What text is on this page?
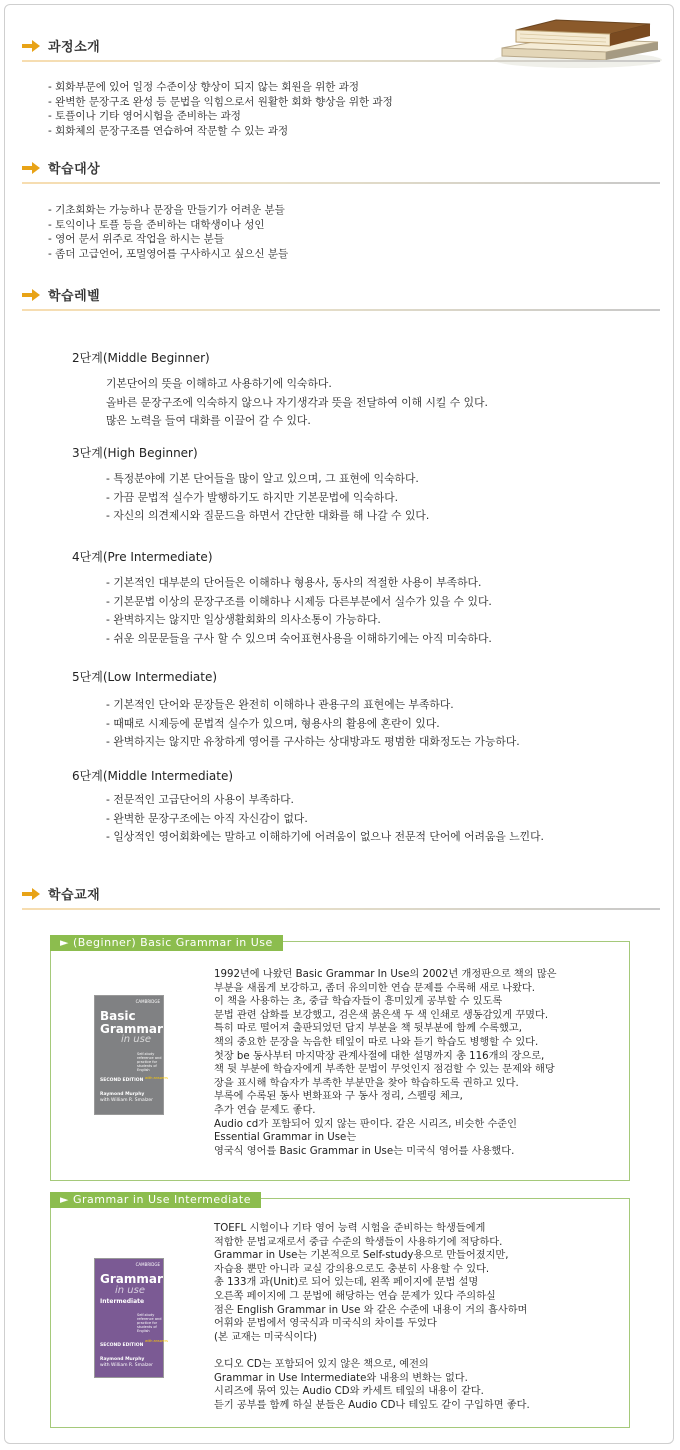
과정소개
- 회화부문에 있어 일정 수준이상 향상이 되지 않는 회원을 위한 과정
- 완벽한 문장구조 완성 등 문법을 익힘으로서 원활한 회화 향상을 위한 과정
- 토플이나 기타 영어시험을 준비하는 과정
- 회화체의 문장구조를 연습하여 작문할 수 있는 과정
학습대상
- 기초회화는 가능하나 문장을 만들기가 어려운 분들
- 토익이나 토플 등을 준비하는 대학생이나 성인
- 영어 문서 위주로 작업을 하시는 분들
- 좀더 고급언어, 포멀영어를 구사하시고 싶으신 분들
학습레벨
2단계(Middle Beginner)
기본단어의 뜻을 이해하고 사용하기에 익숙하다.
올바른 문장구조에 익숙하지 않으나 자기생각과 뜻을 전달하여 이해 시킬 수 있다.
많은 노력을 들여 대화를 이끌어 갈 수 있다.
3단계(High Beginner)
- 특정분야에 기본 단어들을 많이 알고 있으며, 그 표현에 익숙하다.
- 가끔 문법적 실수가 발행하기도 하지만 기본문법에 익숙하다.
- 자신의 의견제시와 질문드을 하면서 간단한 대화를 해 나갈 수 있다.
4단계(Pre Intermediate)
- 기본적인 대부분의 단어들은 이해하나 형용사, 동사의 적절한 사용이 부족하다.
- 기본문법 이상의 문장구조를 이해하나 시제등 다른부분에서 실수가 있을 수 있다.
- 완벽하지는 않지만 일상생활회화의 의사소통이 가능하다.
- 쉬운 의문문들을 구사 할 수 있으며 숙어표현사용을 이해하기에는 아직 미숙하다.
5단계(Low Intermediate)
- 기본적인 단어와 문장들은 완전히 이해하나 관용구의 표현에는 부족하다.
- 때때로 시제등에 문법적 실수가 있으며, 형용사의 활용에 혼란이 있다.
- 완벽하지는 않지만 유창하게 영어를 구사하는 상대방과도 평범한 대화정도는 가능하다.
6단계(Middle Intermediate)
- 전문적인 고급단어의 사용이 부족하다.
- 완벽한 문장구조에는 아직 자신감이 없다.
- 일상적인 영어회화에는 말하고 이해하기에 어려움이 없으나 전문적 단어에 어려움을 느낀다.
학습교재
► (Beginner) Basic Grammar in Use
CAMBRIDGE
Basic
Grammar
in use
Self-study reference and practice for students of English
SECOND EDITION
Raymond Murphy
with William R. Smalzer
with answers
1992년에 나왔던 Basic Grammar In Use의 2002년 개정판으로 책의 많은
부분을 새롭게 보강하고, 좀더 유의미한 연습 문제를 수록해 새로 나왔다.
이 책을 사용하는 초, 중급 학습자들이 흥미있게 공부할 수 있도록
문법 관련 삽화를 보강했고, 검은색 붉은색 두 색 인쇄로 생동감있게 꾸몄다.
특히 따로 떨어져 출판되었던 답지 부분을 책 뒷부분에 함께 수록했고,
책의 중요한 문장을 녹음한 테잎이 따로 나와 듣기 학습도 병행할 수 있다.
첫장 be 동사부터 마지막장 관계사절에 대한 설명까지 총 116개의 장으로,
책 뒷 부분에 학습자에게 부족한 문법이 무엇인지 점검할 수 있는 문제와 해당
장을 표시해 학습자가 부족한 부분만을 찾아 학습하도록 권하고 있다.
부록에 수록된 동사 변화표와 구 동사 정리, 스펠링 체크,
추가 연습 문제도 좋다.
Audio cd가 포함되어 있지 않는 판이다. 같은 시리즈, 비슷한 수준인
Essential Grammar in Use는
영국식 영어를 Basic Grammar in Use는 미국식 영어를 사용했다.
► Grammar in Use Intermediate
CAMBRIDGE
Grammar
in use
Intermediate
Self-study reference and practice for students of English
SECOND EDITION
Raymond Murphy
with William R. Smalzer
with answers
TOEFL 시험이나 기타 영어 능력 시험을 준비하는 학생들에게
적합한 문법교재로서 중급 수준의 학생들이 사용하기에 적당하다.
Grammar in Use는 기본적으로 Self-study용으로 만들어졌지만,
자습용 뿐만 아니라 교실 강의용으로도 충분히 사용할 수 있다.
총 133개 과(Unit)로 되어 있는데, 왼쪽 페이지에 문법 설명
오른쪽 페이지에 그 문법에 해당하는 연습 문제가 있다 주의하실
점은 English Grammar in Use 와 같은 수준에 내용이 거의 흡사하며
어휘와 문법에서 영국식과 미국식의 차이를 두었다
(본 교재는 미국식이다)
오디오 CD는 포함되어 있지 않은 책으로, 예전의
Grammar in Use Intermediate와 내용의 변화는 없다.
시리즈에 묶여 있는 Audio CD와 카세트 테잎의 내용이 같다.
듣기 공부를 함께 하실 분들은 Audio CD나 테잎도 같이 구입하면 좋다.
